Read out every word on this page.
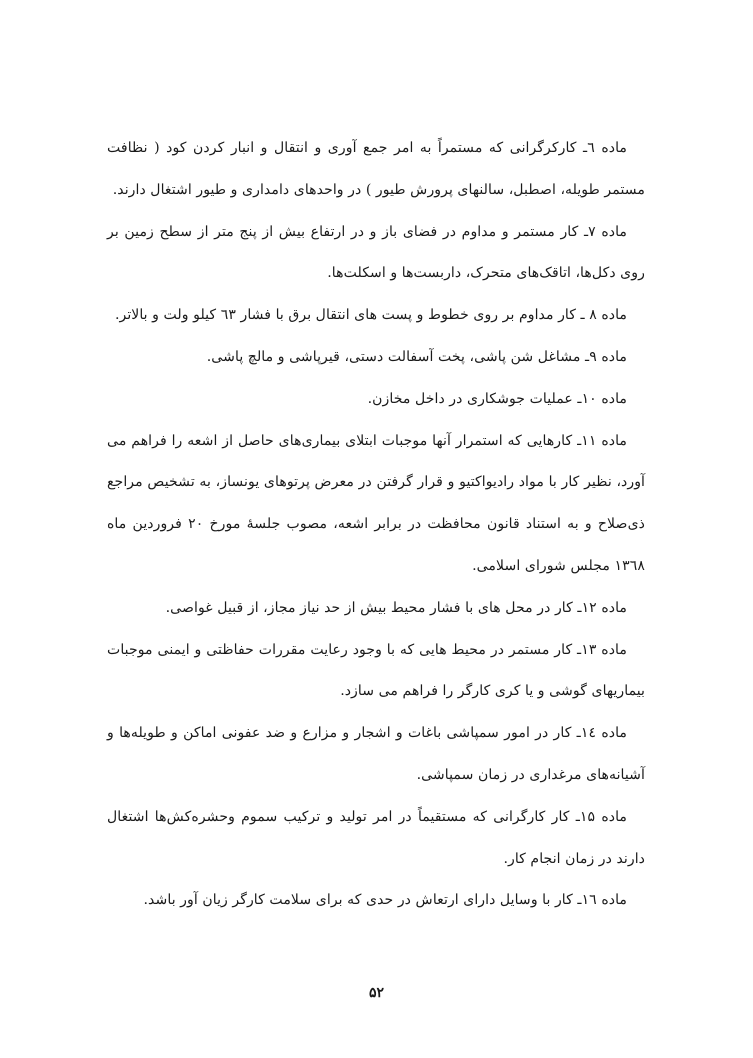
ماده ٦ـ کارکرگرانی که مستمراً به امر جمع آوری و انتقال و انبار کردن کود ( نظافت مستمر طویله، اصطبل، سالنهای پرورش طیور ) در واحدهای دامداری و طیور اشتغال دارند.

ماده ۷ـ کار مستمر و مداوم در فضای باز و در ارتفاع بیش از پنج متر از سطح زمین بر روی دکل‌ها، اتاقک‌های متحرک، داربست‌ها و اسکلت‌ها.

ماده ۸ ـ کار مداوم بر روی خطوط و پست های انتقال برق با فشار ٦۳ کیلو ولت و بالاتر.

ماده ۹ـ مشاغل شن پاشی، پخت آسفالت دستی، قیرپاشی و مالچ پاشی.

ماده ۱۰ـ عملیات جوشکاری در داخل مخازن.

ماده ۱۱ـ کارهایی که استمرار آنها موجبات ابتلای بیماری‌های حاصل از اشعه را فراهم می آورد، نظیر کار با مواد رادیواکتیو و قرار گرفتن در معرض پرتوهای یونساز، به تشخیص مراجع ذی‌صلاح و به استناد قانون محافظت در برابر اشعه، مصوب جلسهٔ مورخ ۲۰ فروردین ماه ۱۳٦۸ مجلس شورای اسلامی.

ماده ۱۲ـ کار در محل های با فشار محیط بیش از حد نیاز مجاز، از قبیل غواصی.

ماده ۱۳ـ کار مستمر در محیط هایی که با وجود رعایت مقررات حفاظتی و ایمنی موجبات بیماریهای گوشی و یا کری کارگر را فراهم می سازد.

ماده ۱٤ـ کار در امور سمپاشی باغات و اشجار و مزارع و ضد عفونی اماکن و طویله‌ها و آشیانه‌های مرغداری در زمان سمپاشی.

ماده ۱۵ـ کار کارگرانی که مستقیماً در امر تولید و ترکیب سموم وحشره‌کش‌ها اشتغال دارند در زمان انجام کار.

ماده ۱٦ـ کار با وسایل دارای ارتعاش در حدی که برای سلامت کارگر زیان آور باشد.

۵۲
